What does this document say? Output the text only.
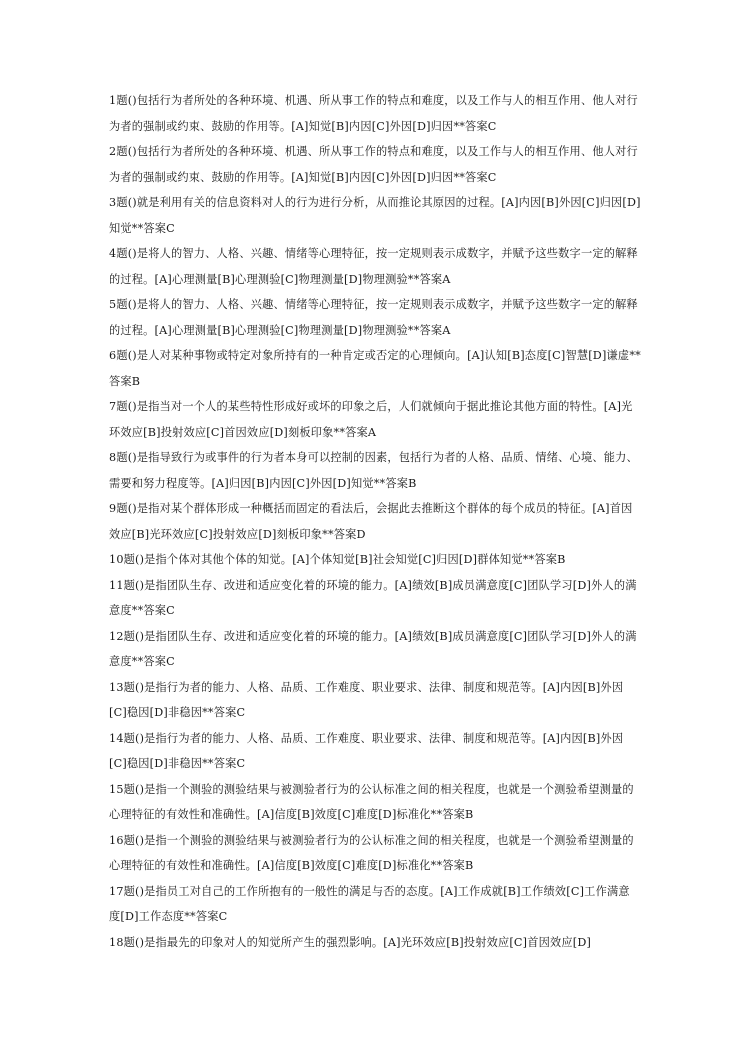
1题()包括行为者所处的各种环境、机遇、所从事工作的特点和难度，以及工作与人的相互作用、他人对行为者的强制或约束、鼓励的作用等。[A]知觉[B]内因[C]外因[D]归因**答案C
2题()包括行为者所处的各种环境、机遇、所从事工作的特点和难度，以及工作与人的相互作用、他人对行为者的强制或约束、鼓励的作用等。[A]知觉[B]内因[C]外因[D]归因**答案C
3题()就是利用有关的信息资料对人的行为进行分析，从而推论其原因的过程。[A]内因[B]外因[C]归因[D]知觉**答案C
4题()是将人的智力、人格、兴趣、情绪等心理特征，按一定规则表示成数字，并赋予这些数字一定的解释的过程。[A]心理测量[B]心理测验[C]物理测量[D]物理测验**答案A
5题()是将人的智力、人格、兴趣、情绪等心理特征，按一定规则表示成数字，并赋予这些数字一定的解释的过程。[A]心理测量[B]心理测验[C]物理测量[D]物理测验**答案A
6题()是人对某种事物或特定对象所持有的一种肯定或否定的心理倾向。[A]认知[B]态度[C]智慧[D]谦虚**答案B
7题()是指当对一个人的某些特性形成好或坏的印象之后，人们就倾向于据此推论其他方面的特性。[A]光环效应[B]投射效应[C]首因效应[D]刻板印象**答案A
8题()是指导致行为或事件的行为者本身可以控制的因素，包括行为者的人格、品质、情绪、心境、能力、需要和努力程度等。[A]归因[B]内因[C]外因[D]知觉**答案B
9题()是指对某个群体形成一种概括而固定的看法后，会据此去推断这个群体的每个成员的特征。[A]首因效应[B]光环效应[C]投射效应[D]刻板印象**答案D
10题()是指个体对其他个体的知觉。[A]个体知觉[B]社会知觉[C]归因[D]群体知觉**答案B
11题()是指团队生存、改进和适应变化着的环境的能力。[A]绩效[B]成员满意度[C]团队学习[D]外人的满意度**答案C
12题()是指团队生存、改进和适应变化着的环境的能力。[A]绩效[B]成员满意度[C]团队学习[D]外人的满意度**答案C
13题()是指行为者的能力、人格、品质、工作难度、职业要求、法律、制度和规范等。[A]内因[B]外因[C]稳因[D]非稳因**答案C
14题()是指行为者的能力、人格、品质、工作难度、职业要求、法律、制度和规范等。[A]内因[B]外因[C]稳因[D]非稳因**答案C
15题()是指一个测验的测验结果与被测验者行为的公认标准之间的相关程度，也就是一个测验希望测量的心理特征的有效性和准确性。[A]信度[B]效度[C]难度[D]标准化**答案B
16题()是指一个测验的测验结果与被测验者行为的公认标准之间的相关程度，也就是一个测验希望测量的心理特征的有效性和准确性。[A]信度[B]效度[C]难度[D]标准化**答案B
17题()是指员工对自己的工作所抱有的一般性的满足与否的态度。[A]工作成就[B]工作绩效[C]工作满意度[D]工作态度**答案C
18题()是指最先的印象对人的知觉所产生的强烈影响。[A]光环效应[B]投射效应[C]首因效应[D]
